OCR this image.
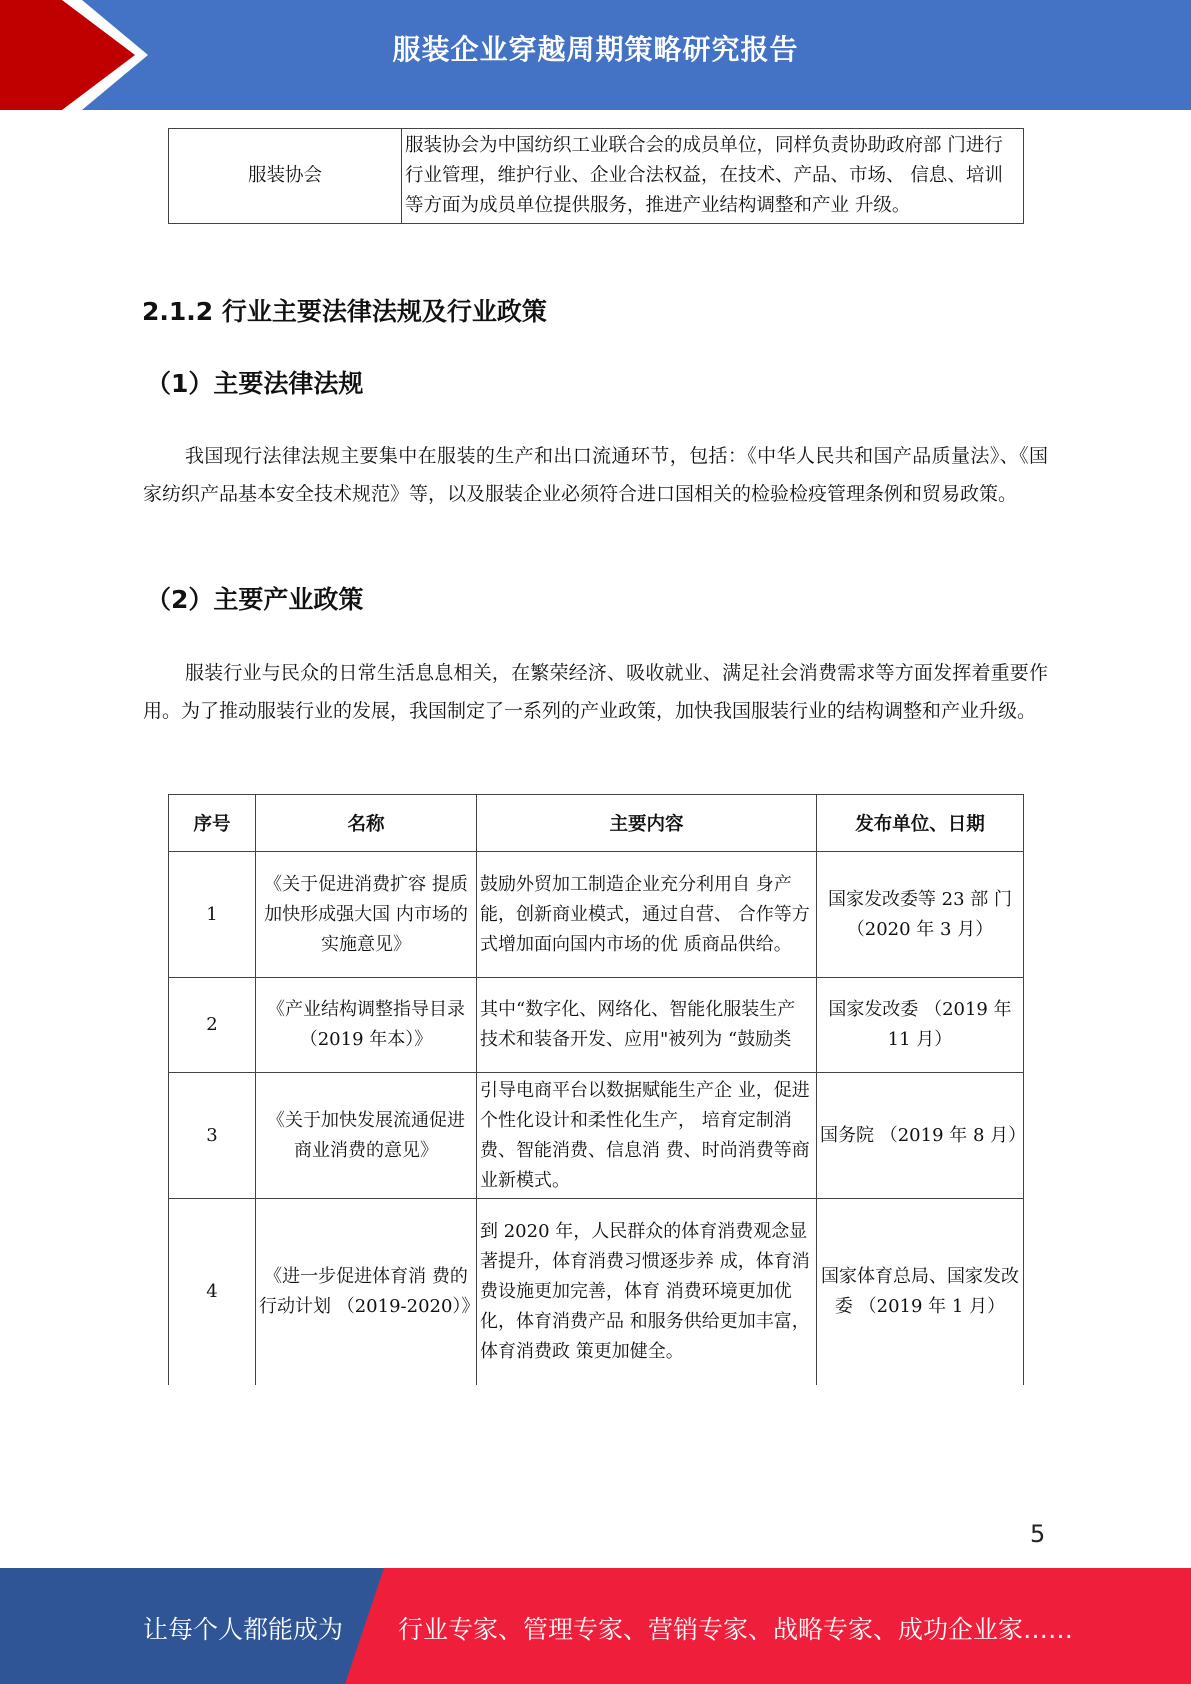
服装企业穿越周期策略研究报告
服装协会	服装协会为中国纺织工业联合会的成员单位，同样负责协助政府部 门进行行业管理，维护行业、企业合法权益，在技术、产品、市场、 信息、培训等方面为成员单位提供服务，推进产业结构调整和产业 升级。
2.1.2 行业主要法律法规及行业政策
（1）主要法律法规

我国现行法律法规主要集中在服装的生产和出口流通环节，包括：《中华人民共和国产品质量法》、《国家纺织产品基本安全技术规范》等，以及服装企业必须符合进口国相关的检验检疫管理条例和贸易政策。

（2）主要产业政策

服装行业与民众的日常生活息息相关，在繁荣经济、吸收就业、满足社会消费需求等方面发挥着重要作用。为了推动服装行业的发展，我国制定了一系列的产业政策，加快我国服装行业的结构调整和产业升级。

序号	名称	主要内容	发布单位、日期
1	《关于促进消费扩容 提质加快形成强大国 内市场的实施意见》	鼓励外贸加工制造企业充分利用自 身产能，创新商业模式，通过自营、 合作等方式增加面向国内市场的优 质商品供给。	国家发改委等 23 部 门（2020 年 3 月）
2	《产业结构调整指导目录（2019 年本）》	其中“数字化、网络化、智能化服装生产技术和装备开发、应用"被列为 “鼓励类	国家发改委 （2019 年 11 月）
3	《关于加快发展流通促进商业消费的意见》	引导电商平台以数据赋能生产企 业，促进个性化设计和柔性化生产， 培育定制消费、智能消费、信息消 费、时尚消费等商业新模式。	国务院 （2019 年 8 月）
4	《进一步促进体育消 费的行动计划 （2019-2020）》	到 2020 年，人民群众的体育消费观念显著提升，体育消费习惯逐步养 成，体育消费设施更加完善，体育 消费环境更加优化，体育消费产品 和服务供给更加丰富，体育消费政 策更加健全。	国家体育总局、国家发改委 （2019 年 1 月）
5
让每个人都能成为 行业专家、管理专家、营销专家、战略专家、成功企业家……
